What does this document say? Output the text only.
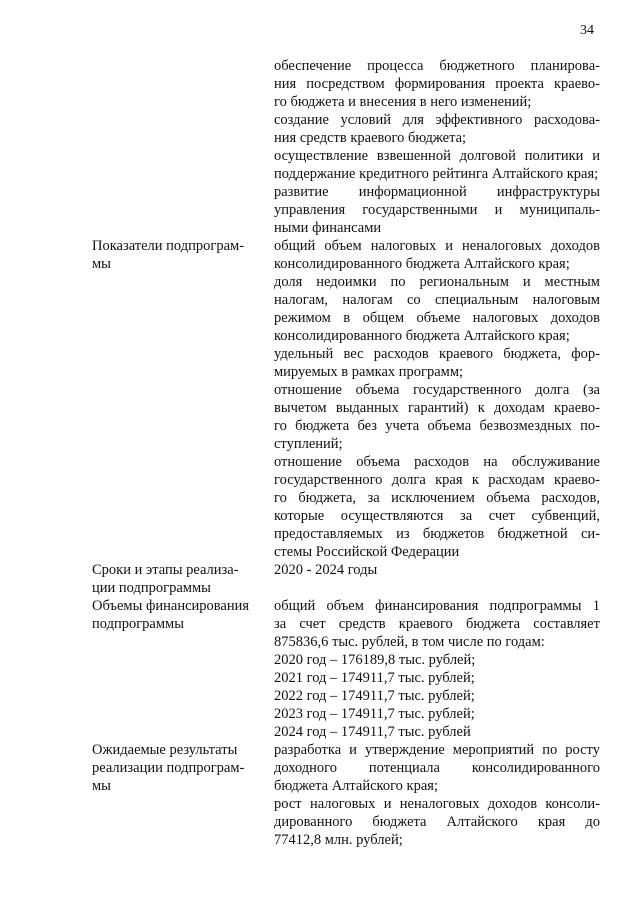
34
обеспечение процесса бюджетного планирова-
ния посредством формирования проекта краево-
го бюджета и внесения в него изменений;
создание условий для эффективного расходова-
ния средств краевого бюджета;
осуществление взвешенной долговой политики и
поддержание кредитного рейтинга Алтайского края;
развитие информационной инфраструктуры
управления государственными и муниципаль-
ными финансами
Показатели подпрограм-
мы
общий объем налоговых и неналоговых доходов
консолидированного бюджета Алтайского края;
доля недоимки по региональным и местным
налогам, налогам со специальным налоговым
режимом в общем объеме налоговых доходов
консолидированного бюджета Алтайского края;
удельный вес расходов краевого бюджета, фор-
мируемых в рамках программ;
отношение объема государственного долга (за
вычетом выданных гарантий) к доходам краево-
го бюджета без учета объема безвозмездных по-
ступлений;
отношение объема расходов на обслуживание
государственного долга края к расходам краево-
го бюджета, за исключением объема расходов,
которые осуществляются за счет субвенций,
предоставляемых из бюджетов бюджетной си-
стемы Российской Федерации
Сроки и этапы реализа-
ции подпрограммы
2020 - 2024 годы
Объемы финансирования
подпрограммы
общий объем финансирования подпрограммы 1
за счет средств краевого бюджета составляет
875836,6 тыс. рублей, в том числе по годам:
2020 год – 176189,8 тыс. рублей;
2021 год – 174911,7 тыс. рублей;
2022 год – 174911,7 тыс. рублей;
2023 год – 174911,7 тыс. рублей;
2024 год – 174911,7 тыс. рублей
Ожидаемые результаты
реализации подпрограм-
мы
разработка и утверждение мероприятий по росту
доходного потенциала консолидированного
бюджета Алтайского края;
рост налоговых и неналоговых доходов консоли-
дированного бюджета Алтайского края до
77412,8 млн. рублей;
